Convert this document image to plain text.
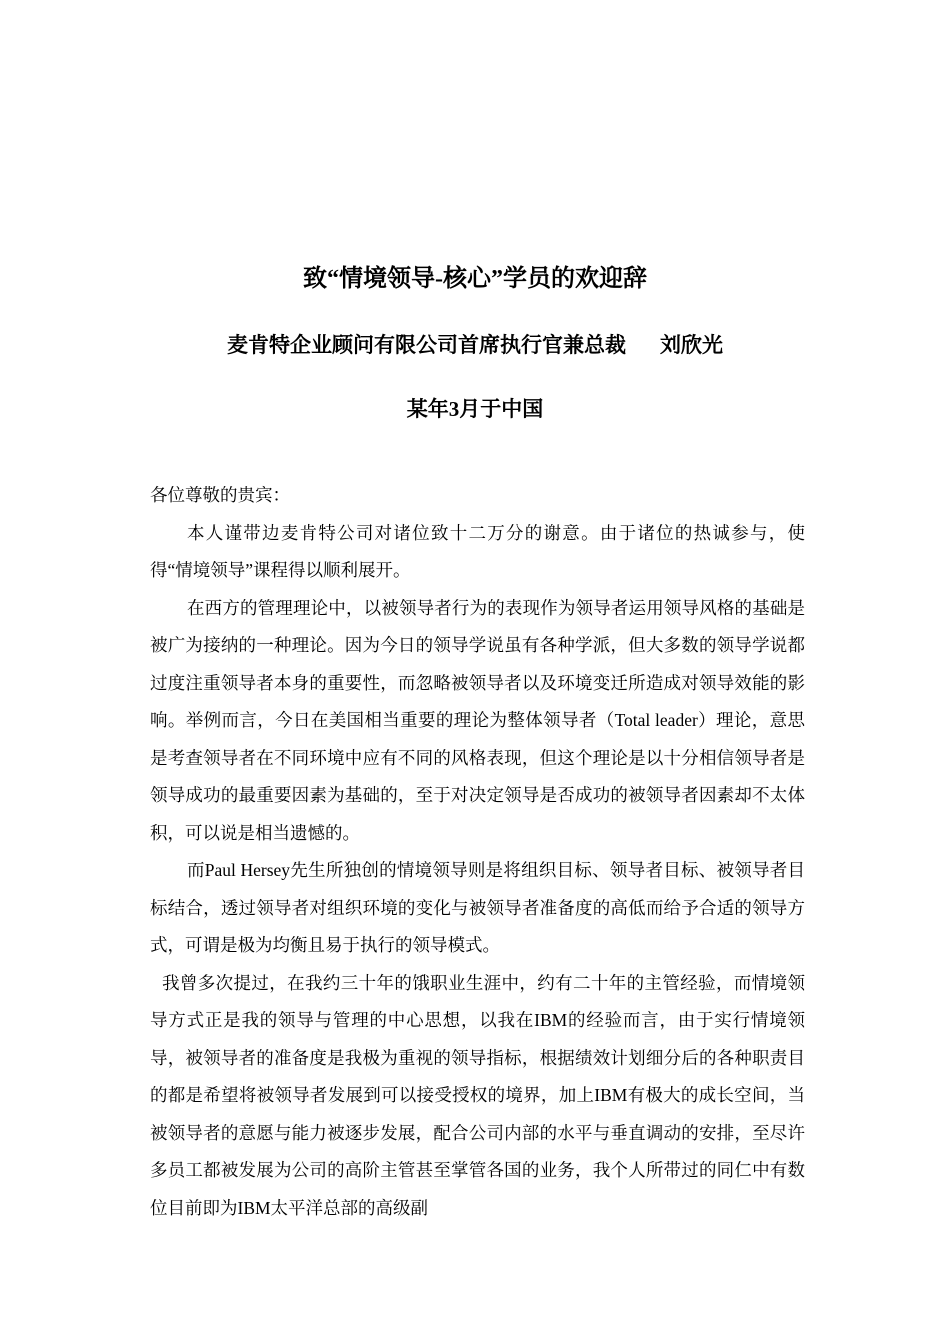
致“情境领导-核心”学员的欢迎辞
麦肯特企业顾问有限公司首席执行官兼总裁 刘欣光
某年3月于中国

各位尊敬的贵宾：

本人谨带边麦肯特公司对诸位致十二万分的谢意。由于诸位的热诚参与，使得“情境领导”课程得以顺利展开。

在西方的管理理论中，以被领导者行为的表现作为领导者运用领导风格的基础是被广为接纳的一种理论。因为今日的领导学说虽有各种学派，但大多数的领导学说都过度注重领导者本身的重要性，而忽略被领导者以及环境变迁所造成对领导效能的影响。举例而言，今日在美国相当重要的理论为整体领导者（Total leader）理论，意思是考查领导者在不同环境中应有不同的风格表现，但这个理论是以十分相信领导者是领导成功的最重要因素为基础的，至于对决定领导是否成功的被领导者因素却不太体积，可以说是相当遗憾的。

而Paul Hersey先生所独创的情境领导则是将组织目标、领导者目标、被领导者目标结合，透过领导者对组织环境的变化与被领导者准备度的高低而给予合适的领导方式，可谓是极为均衡且易于执行的领导模式。

我曾多次提过，在我约三十年的饿职业生涯中，约有二十年的主管经验，而情境领导方式正是我的领导与管理的中心思想，以我在IBM的经验而言，由于实行情境领导，被领导者的准备度是我极为重视的领导指标，根据绩效计划细分后的各种职责目的都是希望将被领导者发展到可以接受授权的境界，加上IBM有极大的成长空间，当被领导者的意愿与能力被逐步发展，配合公司内部的水平与垂直调动的安排，至尽许多员工都被发展为公司的高阶主管甚至掌管各国的业务，我个人所带过的同仁中有数位目前即为IBM太平洋总部的高级副
